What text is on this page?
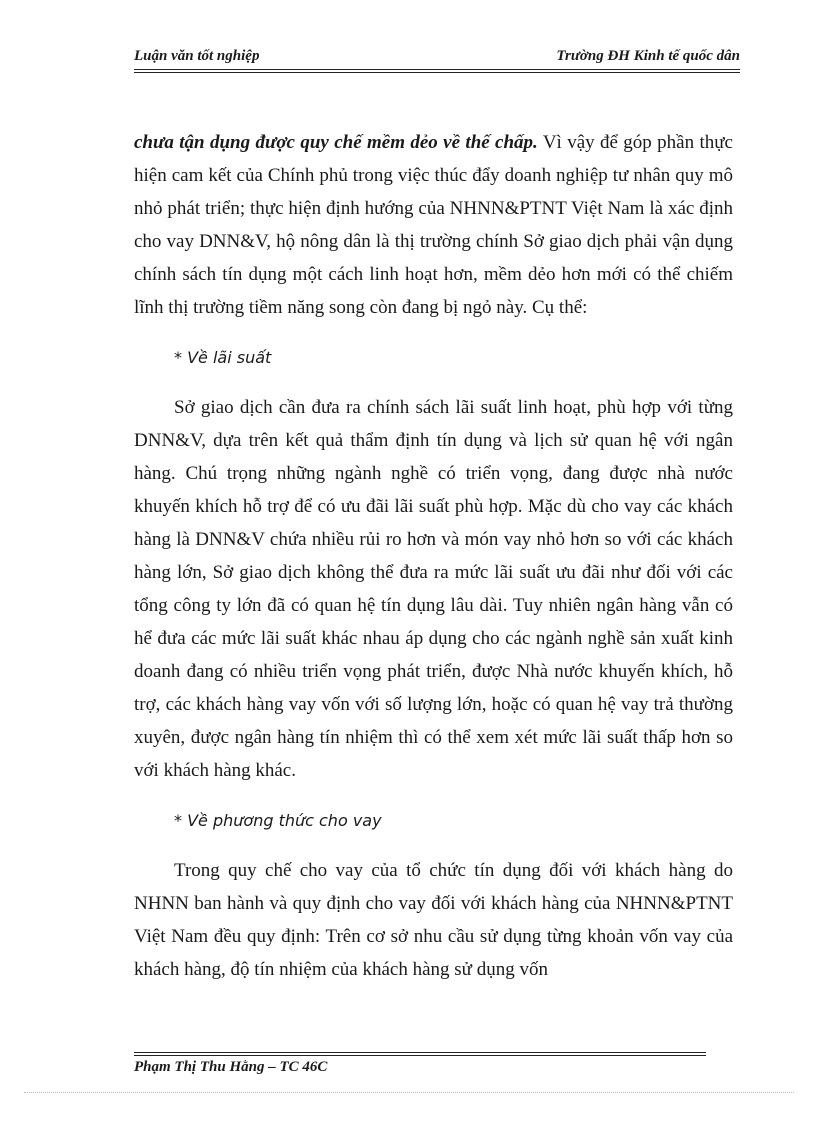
Luận văn tốt nghiệp	Trường ĐH Kinh tế quốc dân

chưa tận dụng được quy chế mềm dẻo về thế chấp. Vì vậy để góp phần thực hiện cam kết của Chính phủ trong việc thúc đẩy doanh nghiệp tư nhân quy mô nhỏ phát triển; thực hiện định hướng của NHNN&PTNT Việt Nam là xác định cho vay DNN&V, hộ nông dân là thị trường chính Sở giao dịch phải vận dụng chính sách tín dụng một cách linh hoạt hơn, mềm dẻo hơn mới có thể chiếm lĩnh thị trường tiềm năng song còn đang bị ngỏ này. Cụ thể:

* Về lãi suất

Sở giao dịch cần đưa ra chính sách lãi suất linh hoạt, phù hợp với từng DNN&V, dựa trên kết quả thẩm định tín dụng và lịch sử quan hệ với ngân hàng. Chú trọng những ngành nghề có triển vọng, đang được nhà nước khuyến khích hỗ trợ để có ưu đãi lãi suất phù hợp. Mặc dù cho vay các khách hàng là DNN&V chứa nhiều rủi ro hơn và món vay nhỏ hơn so với các khách hàng lớn, Sở giao dịch không thể đưa ra mức lãi suất ưu đãi như đối với các tổng công ty lớn đã có quan hệ tín dụng lâu dài. Tuy nhiên ngân hàng vẫn có hể đưa các mức lãi suất khác nhau áp dụng cho các ngành nghề sản xuất kinh doanh đang có nhiều triển vọng phát triển, được Nhà nước khuyến khích, hỗ trợ, các khách hàng vay vốn với số lượng lớn, hoặc có quan hệ vay trả thường xuyên, được ngân hàng tín nhiệm thì có thể xem xét mức lãi suất thấp hơn so với khách hàng khác.

* Về phương thức cho vay

Trong quy chế cho vay của tổ chức tín dụng đối với khách hàng do NHNN ban hành và quy định cho vay đối với khách hàng của NHNN&PTNT Việt Nam đều quy định: Trên cơ sở nhu cầu sử dụng từng khoản vốn vay của khách hàng, độ tín nhiệm của khách hàng sử dụng vốn

Phạm Thị Thu Hằng – TC 46C
